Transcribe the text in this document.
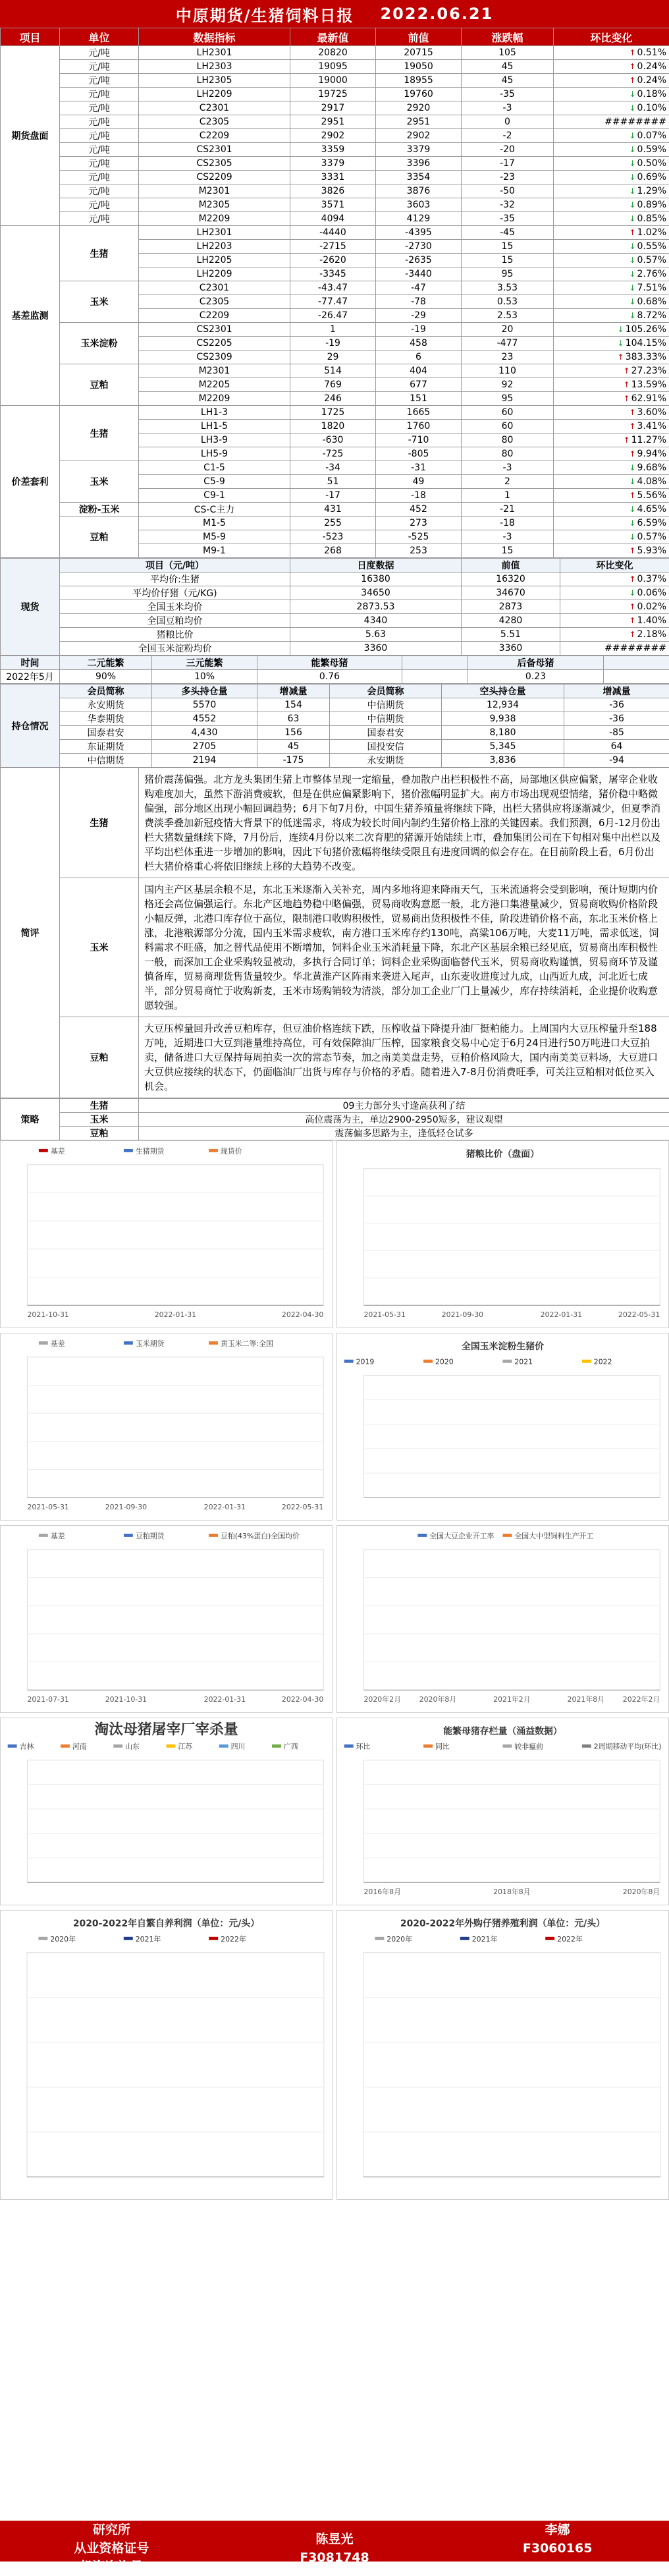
中原期货/生猪饲料日报 2022.06.21
项目	单位	数据指标	最新值	前值	涨跌幅	环比变化
期货盘面	元/吨	LH2301	20820	20715	105	↑ 0.51%
	元/吨	LH2303	19095	19050	45	↑ 0.24%
	元/吨	LH2305	19000	18955	45	↑ 0.24%
	元/吨	LH2209	19725	19760	-35	↓ 0.18%
	元/吨	C2301	2917	2920	-3	↓ 0.10%
	元/吨	C2305	2951	2951	0	########
	元/吨	C2209	2902	2902	-2	↓ 0.07%
	元/吨	CS2301	3359	3379	-20	↓ 0.59%
	元/吨	CS2305	3379	3396	-17	↓ 0.50%
	元/吨	CS2209	3331	3354	-23	↓ 0.69%
	元/吨	M2301	3826	3876	-50	↓ 1.29%
	元/吨	M2305	3571	3603	-32	↓ 0.89%
	元/吨	M2209	4094	4129	-35	↓ 0.85%
基差监测	生猪	LH2301	-4440	-4395	-45	↑ 1.02%
		LH2203	-2715	-2730	15	↓ 0.55%
		LH2205	-2620	-2635	15	↓ 0.57%
		LH2209	-3345	-3440	95	↓ 2.76%
	玉米	C2301	-43.47	-47	3.53	↓ 7.51%
		C2305	-77.47	-78	0.53	↓ 0.68%
		C2209	-26.47	-29	2.53	↓ 8.72%
	玉米淀粉	CS2301	1	-19	20	↓ 105.26%
		CS2205	-19	458	-477	↓ 104.15%
		CS2309	29	6	23	↑ 383.33%
	豆粕	M2301	514	404	110	↑ 27.23%
		M2205	769	677	92	↑ 13.59%
		M2209	246	151	95	↑ 62.91%
价差套利	生猪	LH1-3	1725	1665	60	↑ 3.60%
		LH1-5	1820	1760	60	↑ 3.41%
		LH3-9	-630	-710	80	↑ 11.27%
		LH5-9	-725	-805	80	↑ 9.94%
	玉米	C1-5	-34	-31	-3	↓ 9.68%
		C5-9	51	49	2	↓ 4.08%
		C9-1	-17	-18	1	↑ 5.56%
	淀粉-玉米	CS-C主力	431	452	-21	↓ 4.65%
	豆粕	M1-5	255	273	-18	↓ 6.59%
		M5-9	-523	-525	-3	↓ 0.57%
		M9-1	268	253	15	↑ 5.93%
现货	项目（元/吨）	日度数据	前值	环比变化
	平均价:生猪	16380	16320	↑ 0.37%
	平均价仔猪（元/KG)	34650	34670	↓ 0.06%
	全国玉米均价	2873.53	2873	↑ 0.02%
	全国豆粕均价	4340	4280	↑ 1.40%
	猪粮比价	5.63	5.51	↑ 2.18%
	全国玉米淀粉均价	3360	3360	########
时间	二元能繁	三元能繁	能繁母猪		后备母猪	
2022年5月	90%	10%	0.76		0.23	
持仓情况	会员简称	多头持仓量	增减量	会员简称	空头持仓量	增减量
	永安期货	5570	154	中信期货	12,934	-36
	华泰期货	4552	63	中信期货	9,938	-36
	国泰君安	4,430	156	国泰君安	8,180	-85
	东证期货	2705	45	国投安信	5,345	64
	中信期货	2194	-175	永安期货	3,836	-94
简评	生猪	猪价震荡偏强。北方龙头集团生猪上市整体呈现一定缩量，叠加散户出栏积极性不高，局部地区供应偏紧，屠宰企业收购难度加大，虽然下游消费疲软，但是在供应偏紧影响下，猪价涨幅明显扩大。南方市场出现观望情绪，猪价稳中略微偏强，部分地区出现小幅回调趋势；6月下旬7月份，中国生猪养殖量将继续下降，出栏大猪供应将逐渐减少，但夏季消费淡季叠加新冠疫情大背景下的低迷需求，将成为较长时间内制约生猪价格上涨的关键因素。我们预测，6月-12月份出栏大猪数量继续下降，7月份后，连续4月份以来二次育肥的猪源开始陆续上市，叠加集团公司在下旬相对集中出栏以及平均出栏体重进一步增加的影响，因此下旬猪价涨幅将继续受限且有进度回调的似会存在。在目前阶段上看，6月份出栏大猪价格重心将依旧继续上移的大趋势不改变。
	玉米	国内主产区基层余粮不足，东北玉米逐渐入关补充，周内多地将迎来降雨天气，玉米流通将会受到影响，预计短期内价格还会高位偏强运行。东北产区地趋势稳中略偏强，贸易商收购意愿一般，北方港口集港量减少，贸易商收购价格阶段小幅反弹，北港口库存位于高位，限制港口收购积极性，贸易商出货积极性不佳，阶段进销价格不高，东北玉米价格上涨，北港粮源部分分流，国内玉米需求疲软，南方港口玉米库存约130吨，高粱106万吨，大麦11万吨，需求低迷，饲料需求不旺盛，加之替代品使用不断增加，饲料企业玉米消耗量下降，东北产区基层余粮已经见底，贸易商出库积极性一般，而深加工企业采购较显被动，多执行合同订单；饲料企业采购面临替代玉米，贸易商收购谨慎，贸易商环节及谨慎备库，贸易商理货售货量较少。华北黄淮产区阵雨来袭进入尾声，山东麦收进度过九成，山西近九成，河北近七成半，部分贸易商忙于收购新麦，玉米市场购销较为清淡，部分加工企业厂门上量减少，库存持续消耗，企业提价收购意愿较强。
	豆粕	大豆压榨量回升改善豆粕库存，但豆油价格连续下跌，压榨收益下降提升油厂挺粕能力。上周国内大豆压榨量升至188万吨，近期进口大豆到港量维持高位，可有效保障油厂压榨，国家粮食交易中心定于6月24日进行50万吨进口大豆拍卖，储备进口大豆保持每周拍卖一次的常态节奏，加之南美美盘走势，豆粕价格风险大，国内南美美豆料场，大豆进口大豆供应接续的状态下，仍面临油厂出货与库存与价格的矛盾。随着进入7-8月份消费旺季，可关注豆粕相对低位买入机会。
策略	生猪	09主力部分头寸逢高获利了结
	玉米	高位震荡为主，单边2900-2950短多，建议观望
	豆粕	震荡偏多思路为主，逢低轻仓试多
基差	生猪期货	现货价
2021-10-31	2022-01-31	2022-04-30
猪粮比价（盘面）
2021-05-31	2021-09-30	2022-01-31	2022-05-31
基差	玉米期货	黄玉米二等:全国
2021-05-31	2021-09-30	2022-01-31	2022-05-31
全国玉米淀粉生猪价
2019	2020	2021	2022
基差	豆粕期货	豆粕(43%蛋白)全国均价
2021-07-31	2021-10-31	2022-01-31	2022-04-30
全国大豆企业开工率	全国大中型饲料生产开工
2020年2月	2020年8月	2021年2月	2021年8月	2022年2月
淘汰母猪屠宰厂宰杀量
吉林	河南	山东	江苏	四川	广西
能繁母猪存栏量（涌益数据）
环比	同比	较非瘟前	2周期移动平均(环比)
2016年8月	2018年8月	2020年8月
2020-2022年自繁自养利润（单位：元/头）
2020年	2021年	2022年
2020-2022年外购仔猪养殖利润（单位：元/头）
2020年	2021年	2022年
研究所
从业资格证号
投资咨询号
陈昱光
F3081748
李娜
F3060165
Z0016368
